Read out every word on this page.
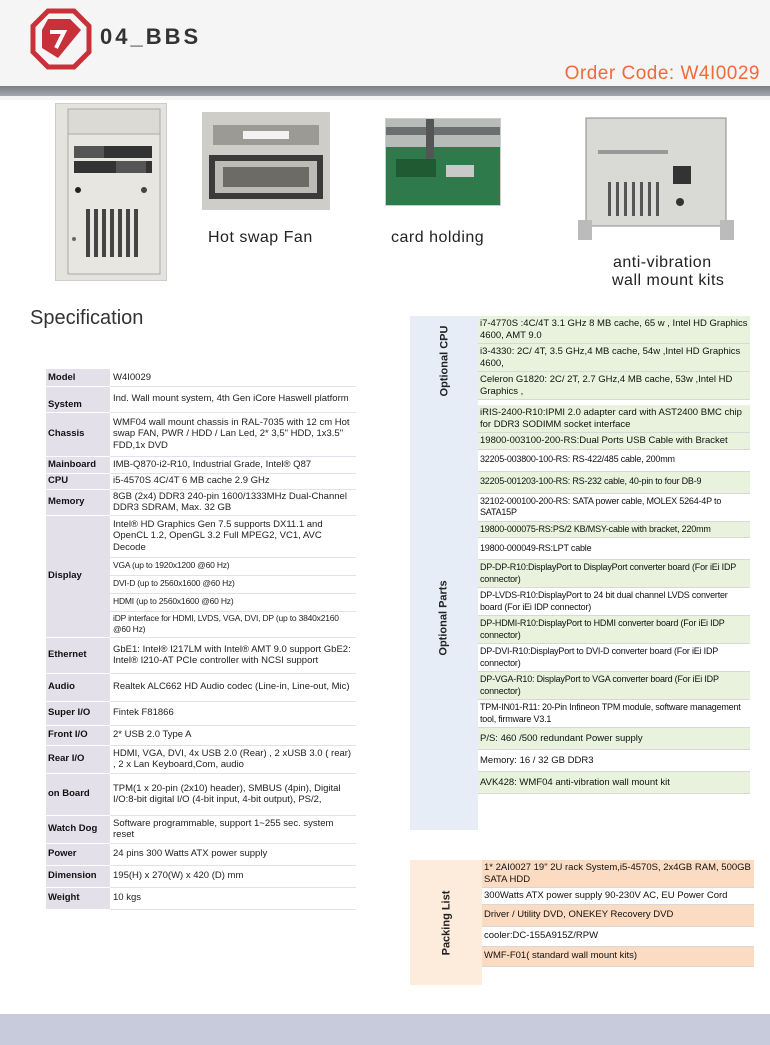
04_BBS
Order Code: W4I0029
Hot swap Fan	card holding
anti-vibration
wall mount kits
Specification
Model	W4I0029
System	Ind. Wall mount system, 4th Gen iCore Haswell platform
Chassis	WMF04 wall mount chassis in RAL-7035 with 12 cm Hot swap FAN, PWR / HDD / Lan Led, 2* 3,5" HDD, 1x3.5" FDD,1x DVD
Mainboard	IMB-Q870-i2-R10, Industrial Grade, Intel® Q87
CPU	i5-4570S 4C/4T 6 MB cache 2.9 GHz
Memory	8GB (2x4) DDR3 240-pin 1600/1333MHz Dual-Channel DDR3 SDRAM, Max. 32 GB
Display	Intel® HD Graphics Gen 7.5 supports DX11.1 and OpenCL 1.2, OpenGL 3.2 Full MPEG2, VC1, AVC Decode
	VGA (up to 1920x1200 @60 Hz)
	DVI-D (up to 2560x1600 @60 Hz)
	HDMI (up to 2560x1600 @60 Hz)
	iDP interface for HDMI, LVDS, VGA, DVI, DP (up to 3840x2160 @60 Hz)
Ethernet	GbE1: Intel® I217LM with Intel® AMT 9.0 support GbE2: Intel® I210-AT PCIe controller with NCSI support
Audio	Realtek ALC662 HD Audio codec (Line-in, Line-out, Mic)
Super I/O	Fintek F81866
Front I/O	2* USB 2.0 Type A
Rear I/O	HDMI, VGA, DVI, 4x USB 2.0 (Rear) , 2 xUSB 3.0 ( rear) , 2 x Lan Keyboard,Com, audio
on Board	TPM(1 x 20-pin (2x10) header), SMBUS (4pin), Digital I/O:8-bit digital I/O (4-bit input, 4-bit output), PS/2,
Watch Dog	Software programmable, support 1~255 sec. system reset
Power	24 pins 300 Watts ATX power supply
Dimension	195(H) x 270(W) x 420 (D) mm
Weight	10 kgs
Optional CPU
i7-4770S :4C/4T 3.1 GHz 8 MB cache, 65 w , Intel HD Graphics 4600, AMT 9.0
i3-4330: 2C/ 4T, 3.5 GHz,4 MB cache, 54w ,Intel HD Graphics 4600,
Celeron G1820: 2C/ 2T, 2.7 GHz,4 MB cache, 53w ,Intel HD Graphics ,
Optional Parts
iRIS-2400-R10:IPMI 2.0 adapter card with AST2400 BMC chip for DDR3 SODIMM socket interface
19800-003100-200-RS:Dual Ports USB Cable with Bracket
32205-003800-100-RS: RS-422/485 cable, 200mm
32205-001203-100-RS: RS-232 cable, 40-pin to four DB-9
32102-000100-200-RS: SATA power cable, MOLEX 5264-4P to SATA15P
19800-000075-RS:PS/2 KB/MSY-cable with bracket, 220mm
19800-000049-RS:LPT cable
DP-DP-R10:DisplayPort to DisplayPort converter board (For iEi IDP connector)
DP-LVDS-R10:DisplayPort to 24 bit dual channel LVDS converter board (For iEi IDP connector)
DP-HDMI-R10:DisplayPort to HDMI converter board (For iEi IDP connector)
DP-DVI-R10:DisplayPort to DVI-D converter board (For iEi IDP connector)
DP-VGA-R10: DisplayPort to VGA converter board (For iEi IDP connector)
TPM-IN01-R11: 20-Pin Infineon TPM module, software management tool, firmware V3.1
P/S: 460 /500 redundant Power supply
Memory: 16 / 32 GB DDR3
AVK428: WMF04 anti-vibration wall mount kit
Packing List
1* 2AI0027 19" 2U rack System,i5-4570S, 2x4GB RAM, 500GB SATA HDD
300Watts ATX power supply 90-230V AC, EU Power Cord
Driver / Utility DVD, ONEKEY Recovery DVD
cooler:DC-155A915Z/RPW
WMF-F01( standard wall mount kits)
